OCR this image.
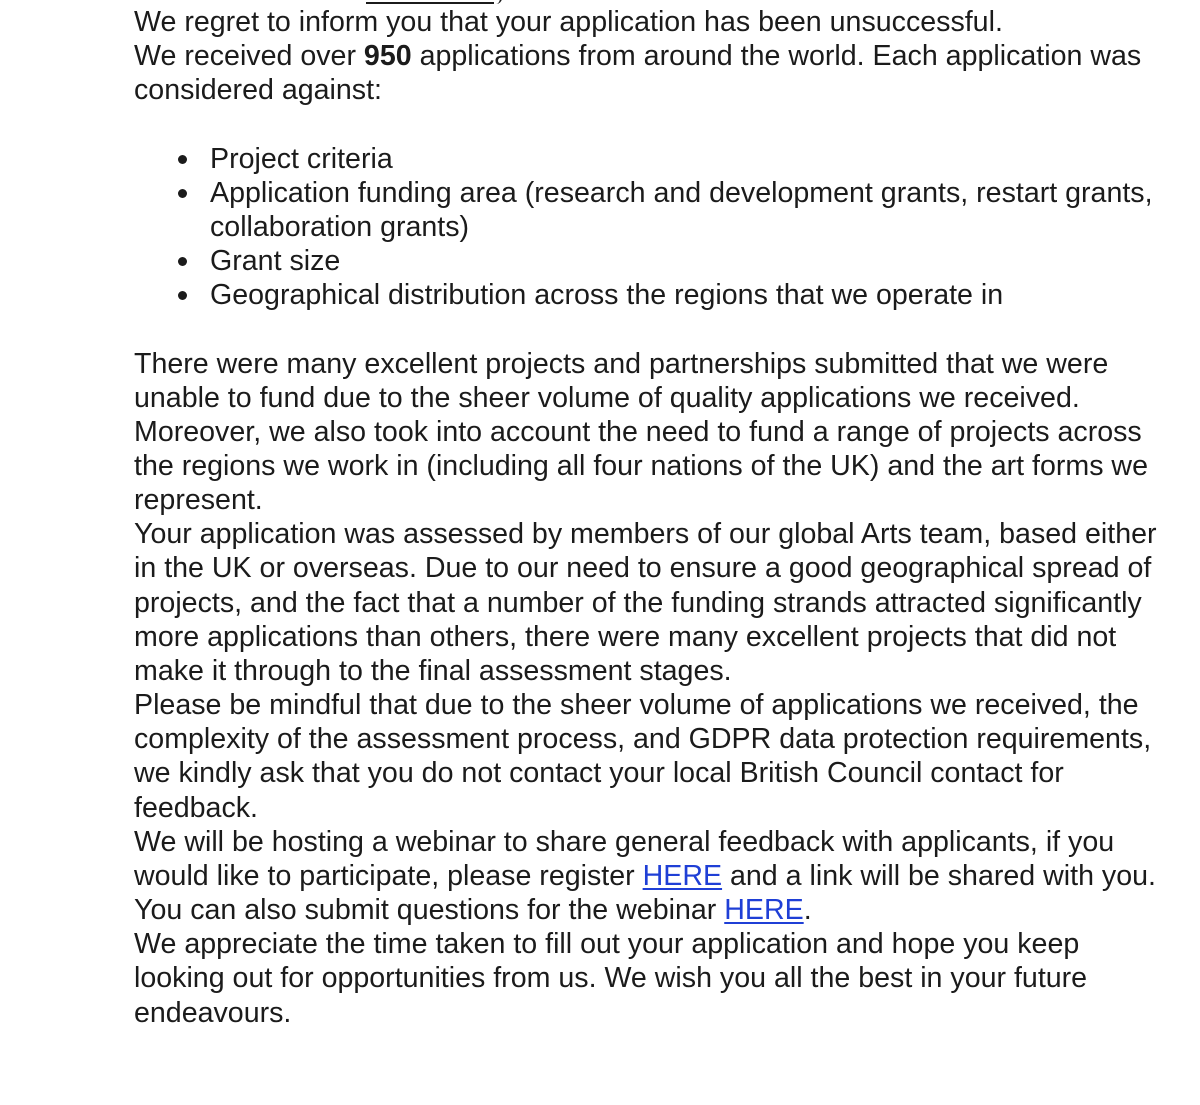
We regret to inform you that your application has been unsuccessful.
We received over 950 applications from around the world. Each application was considered against:

Project criteria
Application funding area (research and development grants, restart grants, collaboration grants)
Grant size
Geographical distribution across the regions that we operate in

There were many excellent projects and partnerships submitted that we were unable to fund due to the sheer volume of quality applications we received. Moreover, we also took into account the need to fund a range of projects across the regions we work in (including all four nations of the UK) and the art forms we represent.

Your application was assessed by members of our global Arts team, based either in the UK or overseas. Due to our need to ensure a good geographical spread of projects, and the fact that a number of the funding strands attracted significantly more applications than others, there were many excellent projects that did not make it through to the final assessment stages.

Please be mindful that due to the sheer volume of applications we received, the complexity of the assessment process, and GDPR data protection requirements, we kindly ask that you do not contact your local British Council contact for feedback.

We will be hosting a webinar to share general feedback with applicants, if you would like to participate, please register HERE and a link will be shared with you. You can also submit questions for the webinar HERE.

We appreciate the time taken to fill out your application and hope you keep looking out for opportunities from us. We wish you all the best in your future endeavours.
